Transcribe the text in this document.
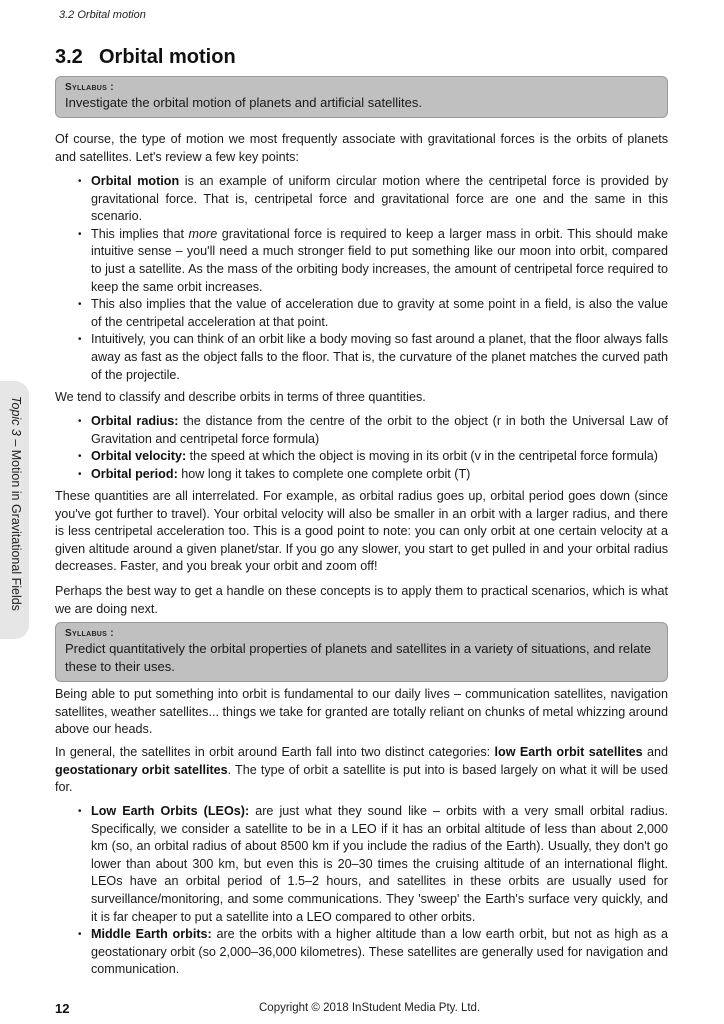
3.2 Orbital motion
3.2 Orbital motion
Syllabus :
Investigate the orbital motion of planets and artificial satellites.

Of course, the type of motion we most frequently associate with gravitational forces is the orbits of planets and satellites. Let's review a few key points:

• Orbital motion is an example of uniform circular motion where the centripetal force is provided by gravitational force. That is, centripetal force and gravitational force are one and the same in this scenario.
• This implies that more gravitational force is required to keep a larger mass in orbit. This should make intuitive sense – you'll need a much stronger field to put something like our moon into orbit, compared to just a satellite. As the mass of the orbiting body increases, the amount of centripetal force required to keep the same orbit increases.
• This also implies that the value of acceleration due to gravity at some point in a field, is also the value of the centripetal acceleration at that point.
• Intuitively, you can think of an orbit like a body moving so fast around a planet, that the floor always falls away as fast as the object falls to the floor. That is, the curvature of the planet matches the curved path of the projectile.

We tend to classify and describe orbits in terms of three quantities.

• Orbital radius: the distance from the centre of the orbit to the object (r in both the Universal Law of Gravitation and centripetal force formula)
• Orbital velocity: the speed at which the object is moving in its orbit (v in the centripetal force formula)
• Orbital period: how long it takes to complete one complete orbit (T)

These quantities are all interrelated. For example, as orbital radius goes up, orbital period goes down (since you've got further to travel). Your orbital velocity will also be smaller in an orbit with a larger radius, and there is less centripetal acceleration too. This is a good point to note: you can only orbit at one certain velocity at a given altitude around a given planet/star. If you go any slower, you start to get pulled in and your orbital radius decreases. Faster, and you break your orbit and zoom off!

Perhaps the best way to get a handle on these concepts is to apply them to practical scenarios, which is what we are doing next.

Syllabus :
Predict quantitatively the orbital properties of planets and satellites in a variety of situations, and relate these to their uses.

Being able to put something into orbit is fundamental to our daily lives – communication satellites, navigation satellites, weather satellites... things we take for granted are totally reliant on chunks of metal whizzing around above our heads.

In general, the satellites in orbit around Earth fall into two distinct categories: low Earth orbit satellites and geostationary orbit satellites. The type of orbit a satellite is put into is based largely on what it will be used for.

• Low Earth Orbits (LEOs): are just what they sound like – orbits with a very small orbital radius. Specifically, we consider a satellite to be in a LEO if it has an orbital altitude of less than about 2,000 km (so, an orbital radius of about 8500 km if you include the radius of the Earth). Usually, they don't go lower than about 300 km, but even this is 20–30 times the cruising altitude of an international flight. LEOs have an orbital period of 1.5–2 hours, and satellites in these orbits are usually used for surveillance/monitoring, and some communications. They 'sweep' the Earth's surface very quickly, and it is far cheaper to put a satellite into a LEO compared to other orbits.
• Middle Earth orbits: are the orbits with a higher altitude than a low earth orbit, but not as high as a geostationary orbit (so 2,000–36,000 kilometres). These satellites are generally used for navigation and communication.
Topic 3 – Motion in Gravitational Fields
12	Copyright © 2018 InStudent Media Pty. Ltd.
